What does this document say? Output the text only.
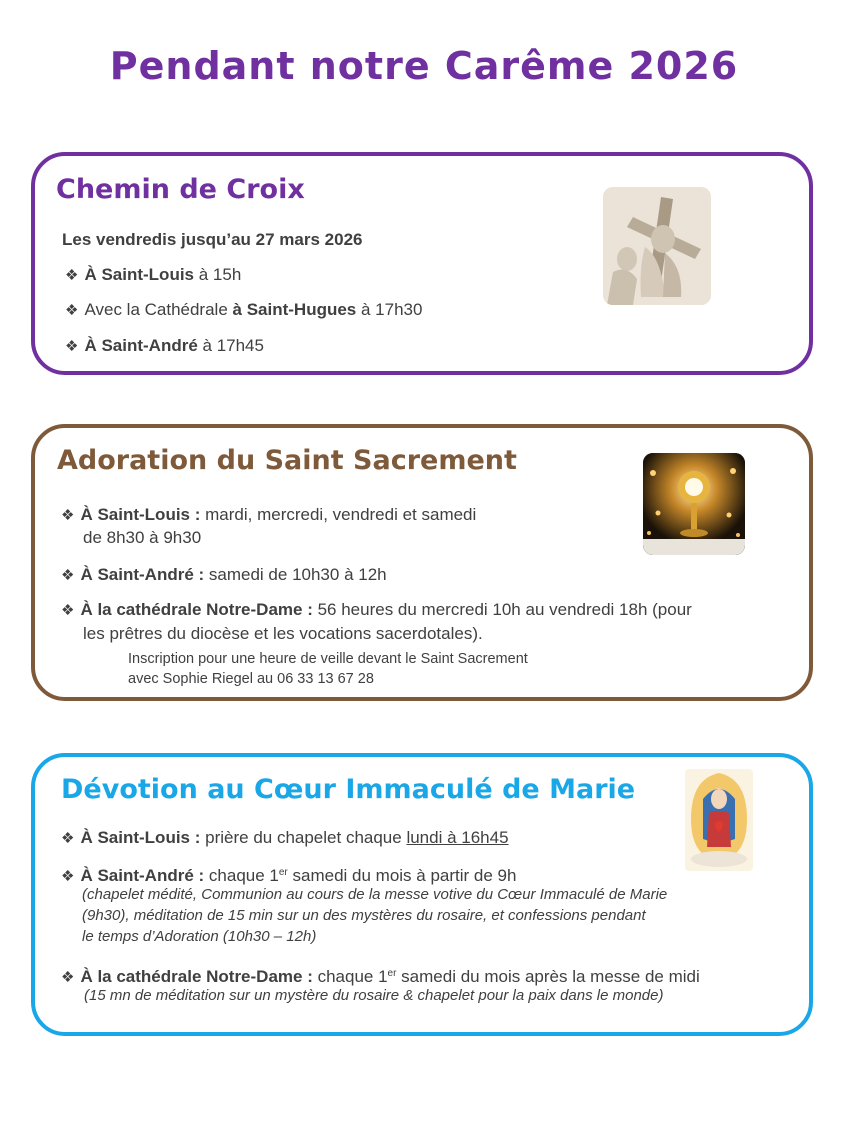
Pendant notre Carême 2026
Chemin de Croix
Les vendredis jusqu’au 27 mars 2026
❖ À Saint-Louis à 15h
❖ Avec la Cathédrale à Saint-Hugues à 17h30
❖ À Saint-André à 17h45
Adoration du Saint Sacrement
❖ À Saint-Louis : mardi, mercredi, vendredi et samedi
de 8h30 à 9h30
❖ À Saint-André : samedi de 10h30 à 12h
❖ À la cathédrale Notre-Dame : 56 heures du mercredi 10h au vendredi 18h (pour
les prêtres du diocèse et les vocations sacerdotales).
Inscription pour une heure de veille devant le Saint Sacrement
avec Sophie Riegel au 06 33 13 67 28
Dévotion au Cœur Immaculé de Marie
❖ À Saint-Louis : prière du chapelet chaque lundi à 16h45
❖ À Saint-André : chaque 1er samedi du mois à partir de 9h
(chapelet médité, Communion au cours de la messe votive du Cœur Immaculé de Marie
(9h30), méditation de 15 min sur un des mystères du rosaire, et confessions pendant
le temps d’Adoration (10h30 – 12h)
❖ À la cathédrale Notre-Dame : chaque 1er samedi du mois après la messe de midi
(15 mn de méditation sur un mystère du rosaire & chapelet pour la paix dans le monde)
